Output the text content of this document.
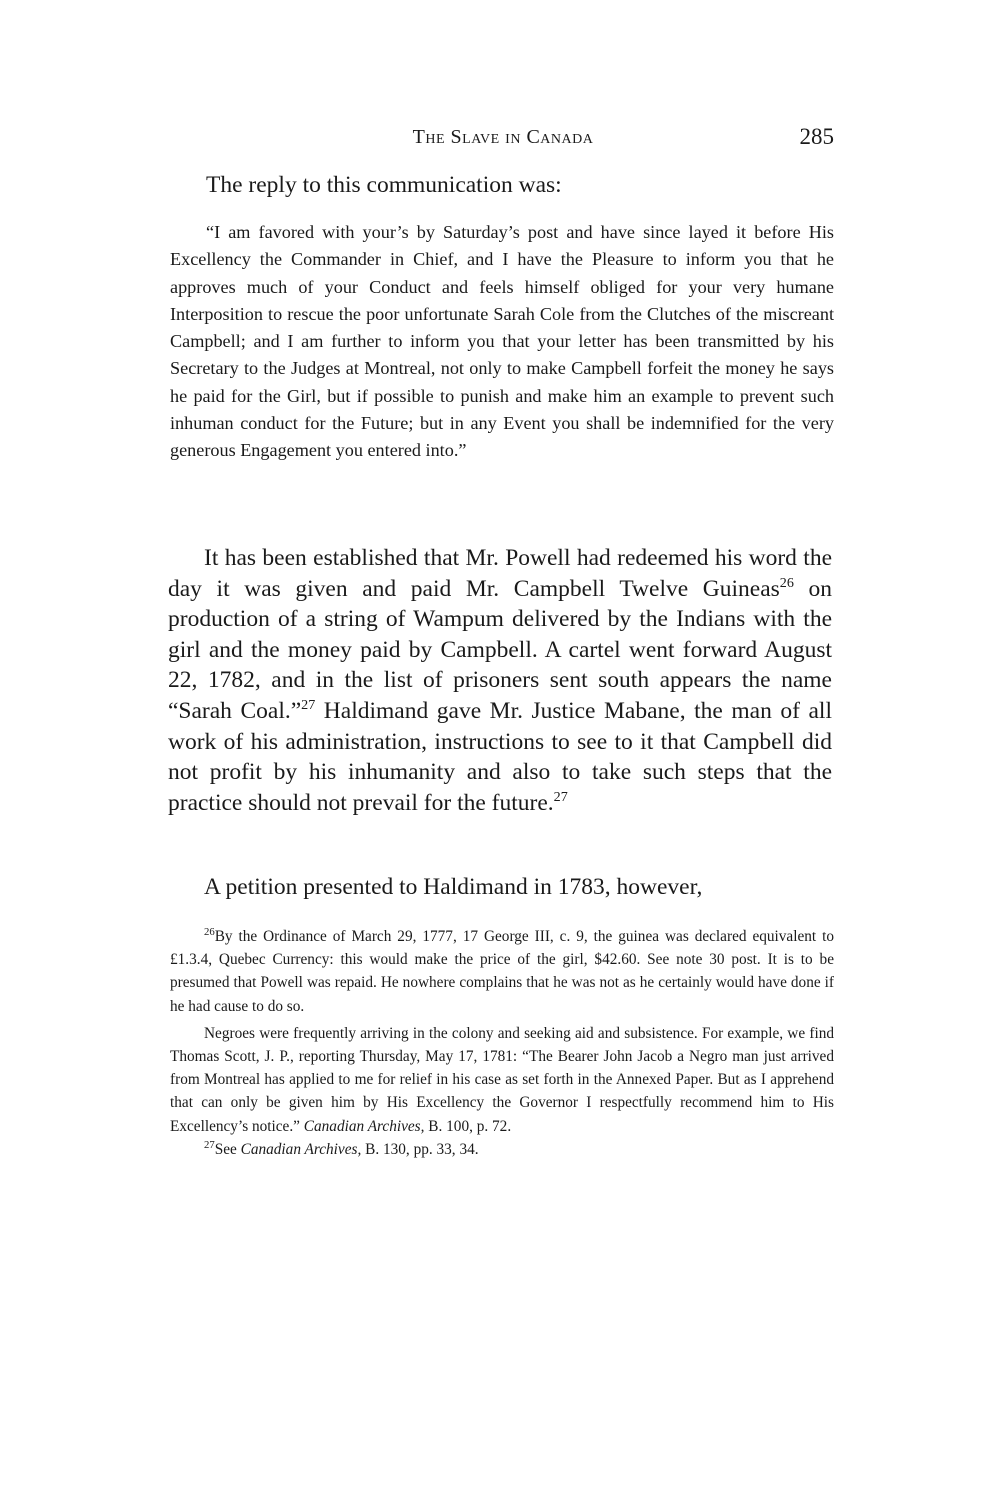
The Slave in Canada	285
The reply to this communication was:

“I am favored with your’s by Saturday’s post and have since layed it before His Excellency the Commander in Chief, and I have the Pleasure to inform you that he approves much of your Conduct and feels himself obliged for your very humane Interposition to rescue the poor unfortunate Sarah Cole from the Clutches of the miscreant Campbell; and I am further to inform you that your letter has been transmitted by his Secretary to the Judges at Montreal, not only to make Campbell forfeit the money he says he paid for the Girl, but if possible to punish and make him an example to prevent such inhuman conduct for the Future; but in any Event you shall be indemnified for the very generous Engagement you entered into.”

It has been established that Mr. Powell had redeemed his word the day it was given and paid Mr. Campbell Twelve Guineas$^{26}$ on production of a string of Wampum delivered by the Indians with the girl and the money paid by Campbell. A cartel went forward August 22, 1782, and in the list of prisoners sent south appears the name “Sarah Coal.”$^{27}$ Haldimand gave Mr. Justice Mabane, the man of all work of his administration, instructions to see to it that Campbell did not profit by his inhumanity and also to take such steps that the practice should not prevail for the future.$^{27}$

A petition presented to Haldimand in 1783, however,

$^{26}$By the Ordinance of March 29, 1777, 17 George III, c. 9, the guinea was declared equivalent to £1.3.4, Quebec Currency: this would make the price of the girl, $42.60. See note 30 post. It is to be presumed that Powell was repaid. He nowhere complains that he was not as he certainly would have done if he had cause to do so.

Negroes were frequently arriving in the colony and seeking aid and subsistence. For example, we find Thomas Scott, J. P., reporting Thursday, May 17, 1781: “The Bearer John Jacob a Negro man just arrived from Montreal has applied to me for relief in his case as set forth in the Annexed Paper. But as I apprehend that can only be given him by His Excellency the Governor I respectfully recommend him to His Excellency’s notice.” Canadian Archives, B. 100, p. 72.

$^{27}$See Canadian Archives, B. 130, pp. 33, 34.
